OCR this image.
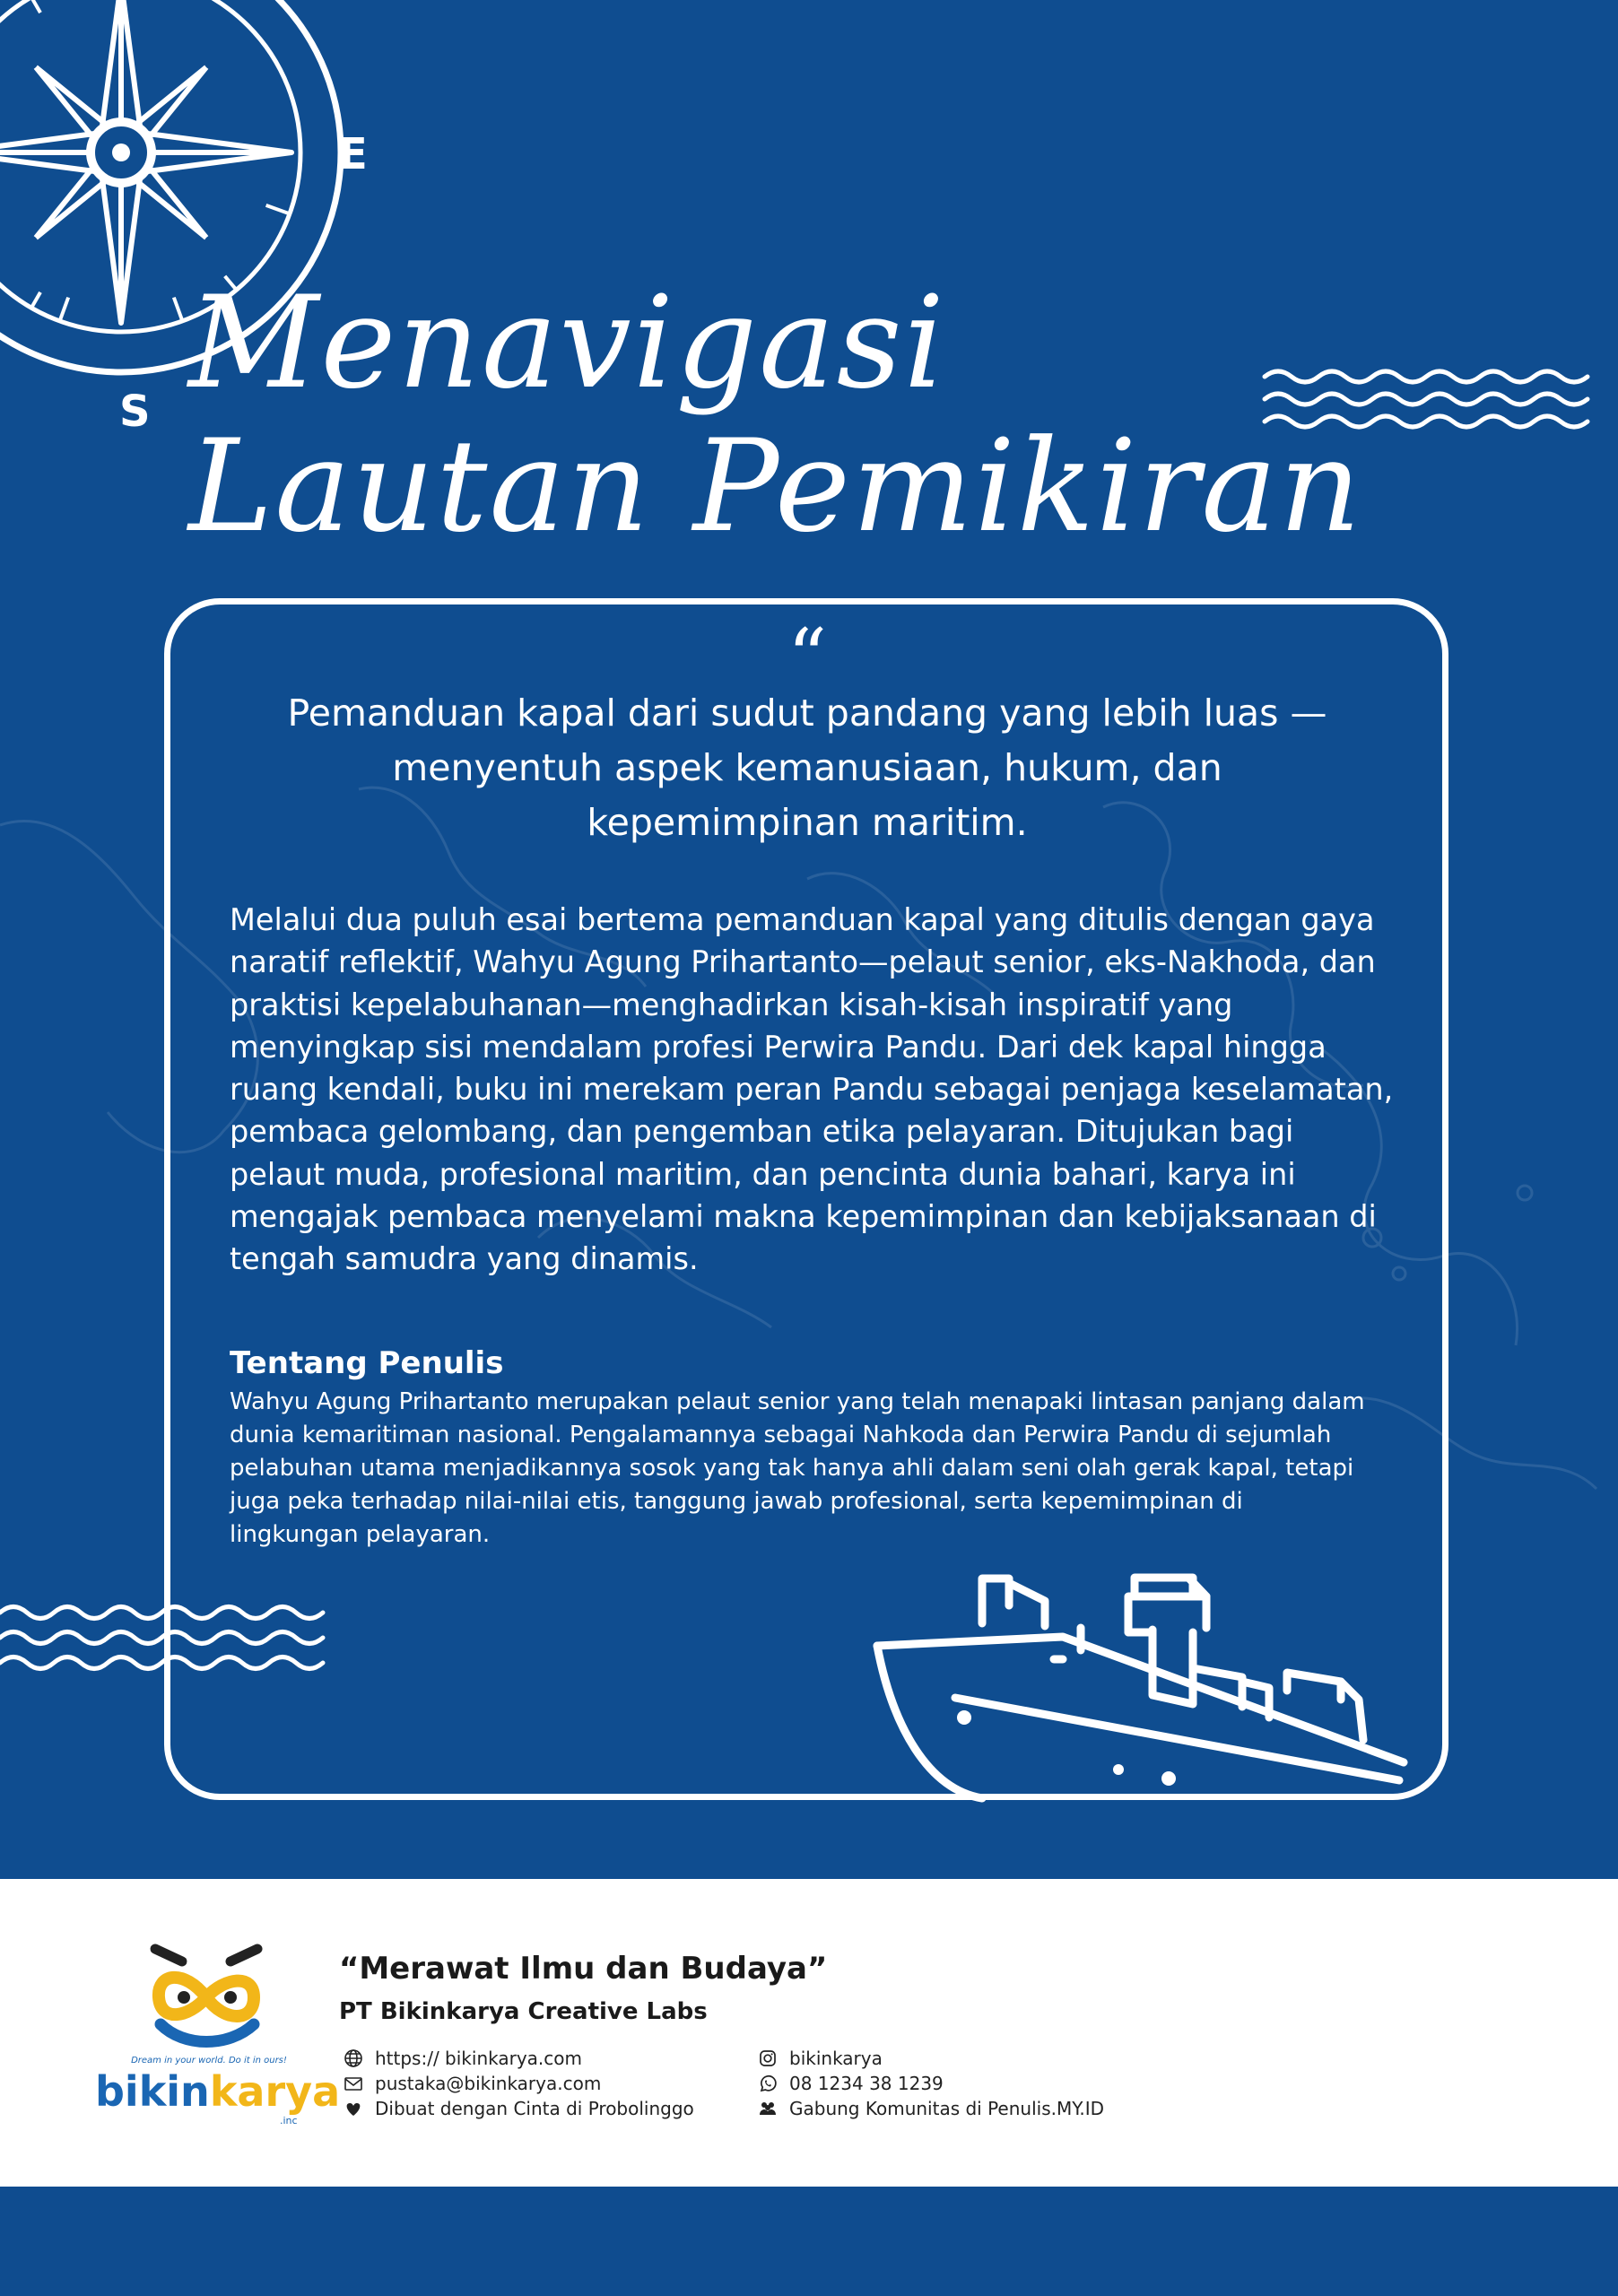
E
S Menavigasi
Lautan Pemikiran
“

Pemanduan kapal dari sudut pandang yang lebih luas —menyentuh aspek kemanusiaan, hukum, dan kepemimpinan maritim.

Melalui dua puluh esai bertema pemanduan kapal yang ditulis dengan gaya naratif reflektif, Wahyu Agung Prihartanto—pelaut senior, eks-Nakhoda, dan praktisi kepelabuhanan—menghadirkan kisah-kisah inspiratif yang menyingkap sisi mendalam profesi Perwira Pandu. Dari dek kapal hingga ruang kendali, buku ini merekam peran Pandu sebagai penjaga keselamatan, pembaca gelombang, dan pengemban etika pelayaran. Ditujukan bagi pelaut muda, profesional maritim, dan pencinta dunia bahari, karya ini mengajak pembaca menyelami makna kepemimpinan dan kebijaksanaan di tengah samudra yang dinamis.

Tentang Penulis

Wahyu Agung Prihartanto merupakan pelaut senior yang telah menapaki lintasan panjang dalam dunia kemaritiman nasional. Pengalamannya sebagai Nahkoda dan Perwira Pandu di sejumlah pelabuhan utama menjadikannya sosok yang tak hanya ahli dalam seni olah gerak kapal, tetapi juga peka terhadap nilai-nilai etis, tanggung jawab profesional, serta kepemimpinan di lingkungan pelayaran.

Dream in your world. Do it in ours!
bikinkarya
.inc

“Merawat Ilmu dan Budaya”

PT Bikinkarya Creative Labs

https:// bikinkarya.com
pustaka@bikinkarya.com
Dibuat dengan Cinta di Probolinggo
bikinkarya
08 1234 38 1239
Gabung Komunitas di Penulis.MY.ID
